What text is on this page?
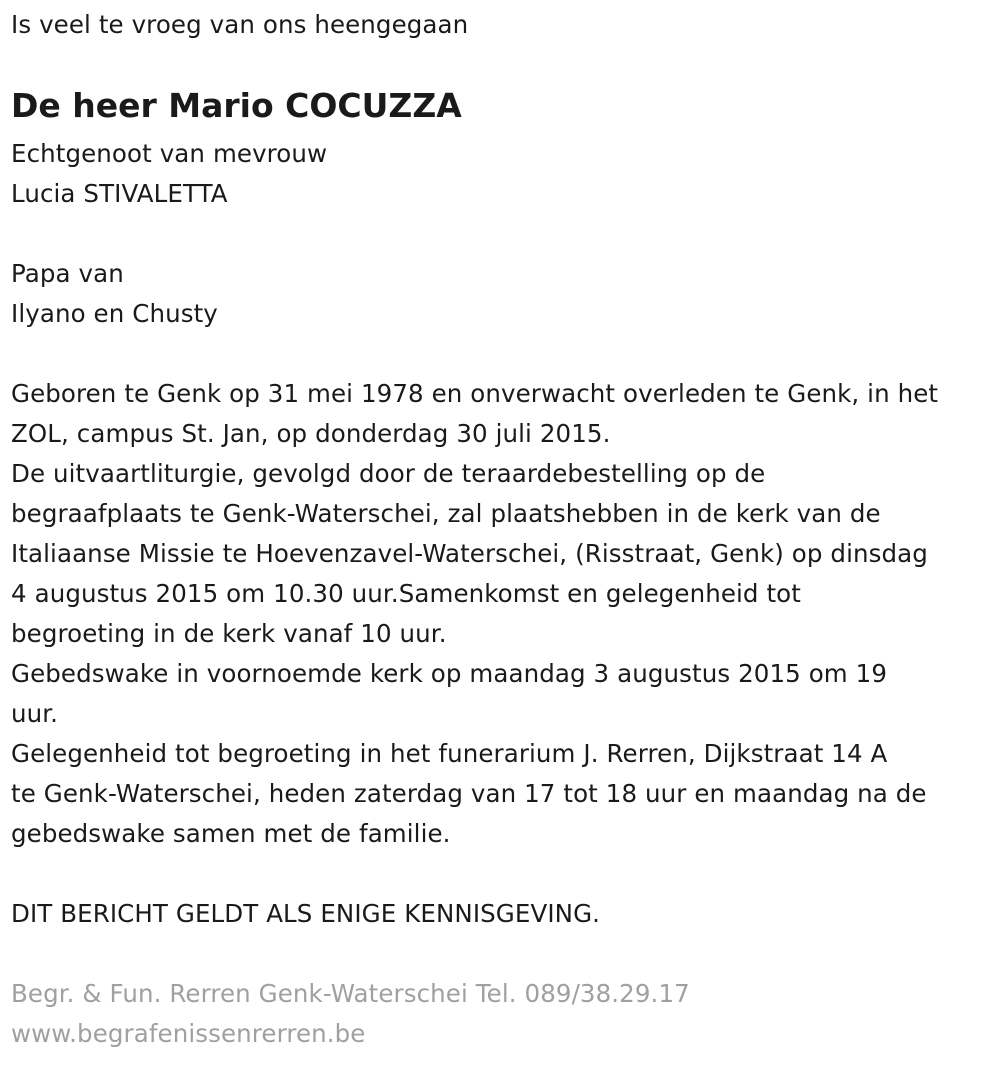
Is veel te vroeg van ons heengegaan
De heer Mario COCUZZA
Echtgenoot van mevrouw
Lucia STIVALETTA
Papa van
Ilyano en Chusty
Geboren te Genk op 31 mei 1978 en onverwacht overleden te Genk, in het
ZOL, campus St. Jan, op donderdag 30 juli 2015.
De uitvaartliturgie, gevolgd door de teraardebestelling op de
begraafplaats te Genk-Waterschei, zal plaatshebben in de kerk van de
Italiaanse Missie te Hoevenzavel-Waterschei, (Risstraat, Genk) op dinsdag
4 augustus 2015 om 10.30 uur.Samenkomst en gelegenheid tot
begroeting in de kerk vanaf 10 uur.
Gebedswake in voornoemde kerk op maandag 3 augustus 2015 om 19
uur.
Gelegenheid tot begroeting in het funerarium J. Rerren, Dijkstraat 14 A
te Genk-Waterschei, heden zaterdag van 17 tot 18 uur en maandag na de
gebedswake samen met de familie.
DIT BERICHT GELDT ALS ENIGE KENNISGEVING.
Begr. & Fun. Rerren Genk-Waterschei Tel. 089/38.29.17
www.begrafenissenrerren.be
